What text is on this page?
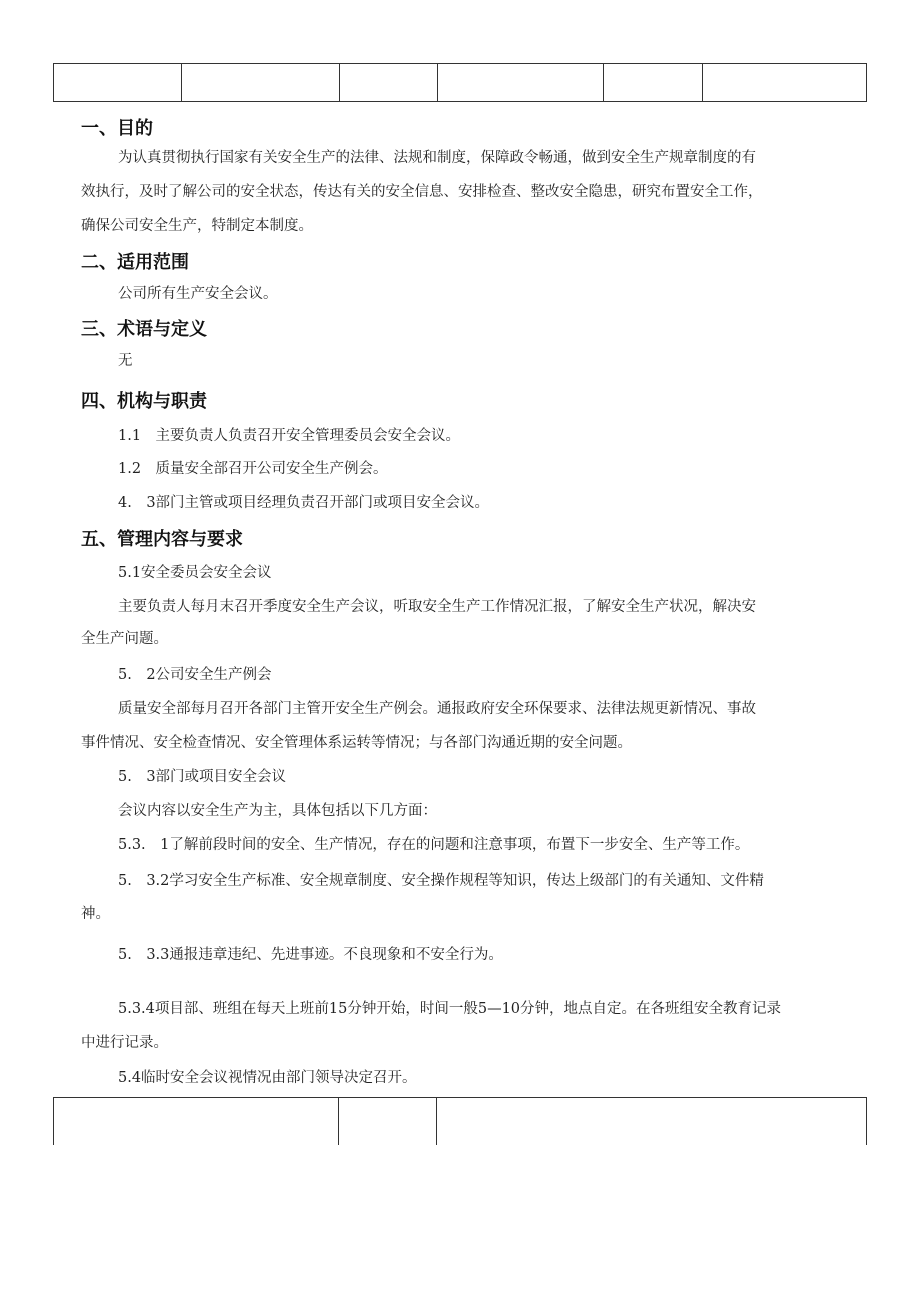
一、目的
为认真贯彻执行国家有关安全生产的法律、法规和制度，保障政令畅通，做到安全生产规章制度的有
效执行，及时了解公司的安全状态，传达有关的安全信息、安排检查、整改安全隐患，研究布置安全工作，
确保公司安全生产，特制定本制度。
二、适用范围
公司所有生产安全会议。
三、术语与定义
无
四、机构与职责
1.1　主要负责人负责召开安全管理委员会安全会议。
1.2　质量安全部召开公司安全生产例会。
4.　3部门主管或项目经理负责召开部门或项目安全会议。
五、管理内容与要求
5.1安全委员会安全会议
主要负责人每月末召开季度安全生产会议，听取安全生产工作情况汇报，了解安全生产状况，解决安
全生产问题。
5.　2公司安全生产例会
质量安全部每月召开各部门主管开安全生产例会。通报政府安全环保要求、法律法规更新情况、事故
事件情况、安全检查情况、安全管理体系运转等情况；与各部门沟通近期的安全问题。
5.　3部门或项目安全会议
会议内容以安全生产为主，具体包括以下几方面：
5.3.　1了解前段时间的安全、生产情况，存在的问题和注意事项，布置下一步安全、生产等工作。
5.　3.2学习安全生产标准、安全规章制度、安全操作规程等知识，传达上级部门的有关通知、文件精
神。
5.　3.3通报违章违纪、先进事迹。不良现象和不安全行为。
5.3.4项目部、班组在每天上班前15分钟开始，时间一般5—10分钟，地点自定。在各班组安全教育记录
中进行记录。
5.4临时安全会议视情况由部门领导决定召开。
